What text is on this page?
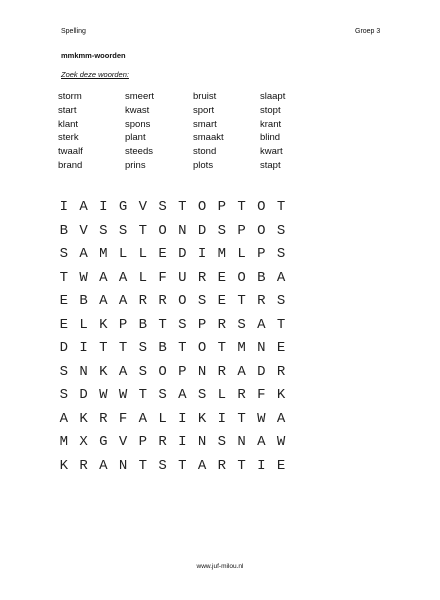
Spelling	Groep 3
mmkmm-woorden
Zoek deze woorden:
storm	smeert	bruist	slaapt
start	kwast	sport	stopt
klant	spons	smart	krant
sterk	plant	smaakt	blind
twaalf	steeds	stond	kwart
brand	prins	plots	stapt
I A I G V S T O P T O T
B V S S T O N D S P O S
S A M L L E D I M L P S
T W A A L F U R E O B A
E B A A R R O S E T R S
E L K P B T S P R S A T
D I T T S B T O T M N E
S N K A S O P N R A D R
S D W W T S A S L R F K
A K R F A L I K I T W A
M X G V P R I N S N A W
K R A N T S T A R T I E
www.juf-milou.nl
